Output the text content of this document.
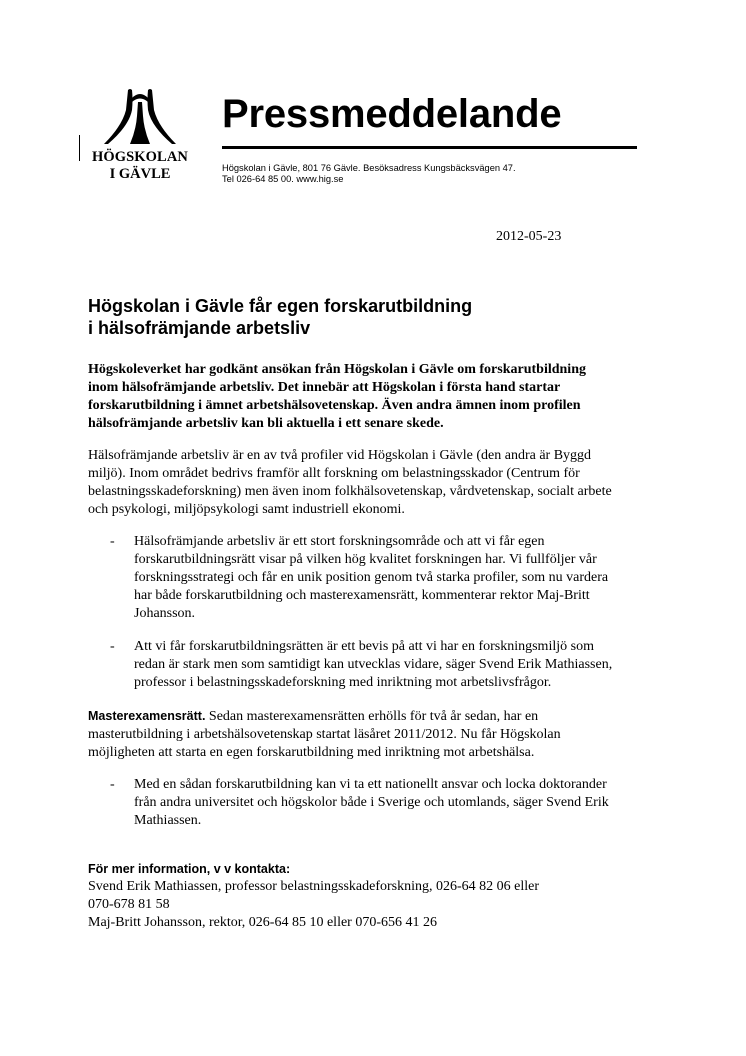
HÖGSKOLAN
I GÄVLE
Pressmeddelande
Högskolan i Gävle, 801 76 Gävle. Besöksadress Kungsbäcksvägen 47.
Tel 026-64 85 00. www.hig.se
2012-05-23
Högskolan i Gävle får egen forskarutbildning
i hälsofrämjande arbetsliv
Högskoleverket har godkänt ansökan från Högskolan i Gävle om forskarutbildning
inom hälsofrämjande arbetsliv. Det innebär att Högskolan i första hand startar
forskarutbildning i ämnet arbetshälsovetenskap. Även andra ämnen inom profilen
hälsofrämjande arbetsliv kan bli aktuella i ett senare skede.
Hälsofrämjande arbetsliv är en av två profiler vid Högskolan i Gävle (den andra är Byggd
miljö). Inom området bedrivs framför allt forskning om belastningsskador (Centrum för
belastningsskadeforskning) men även inom folkhälsovetenskap, vårdvetenskap, socialt arbete
och psykologi, miljöpsykologi samt industriell ekonomi.
- Hälsofrämjande arbetsliv är ett stort forskningsområde och att vi får egen
forskarutbildningsrätt visar på vilken hög kvalitet forskningen har. Vi fullföljer vår
forskningsstrategi och får en unik position genom två starka profiler, som nu vardera
har både forskarutbildning och masterexamensrätt, kommenterar rektor Maj-Britt
Johansson.
- Att vi får forskarutbildningsrätten är ett bevis på att vi har en forskningsmiljö som
redan är stark men som samtidigt kan utvecklas vidare, säger Svend Erik Mathiassen,
professor i belastningsskadeforskning med inriktning mot arbetslivsfrågor.
Masterexamensrätt. Sedan masterexamensrätten erhölls för två år sedan, har en
masterutbildning i arbetshälsovetenskap startat läsåret 2011/2012. Nu får Högskolan
möjligheten att starta en egen forskarutbildning med inriktning mot arbetshälsa.
- Med en sådan forskarutbildning kan vi ta ett nationellt ansvar och locka doktorander
från andra universitet och högskolor både i Sverige och utomlands, säger Svend Erik
Mathiassen.
För mer information, v v kontakta:
Svend Erik Mathiassen, professor belastningsskadeforskning, 026-64 82 06 eller
070-678 81 58
Maj-Britt Johansson, rektor, 026-64 85 10 eller 070-656 41 26
